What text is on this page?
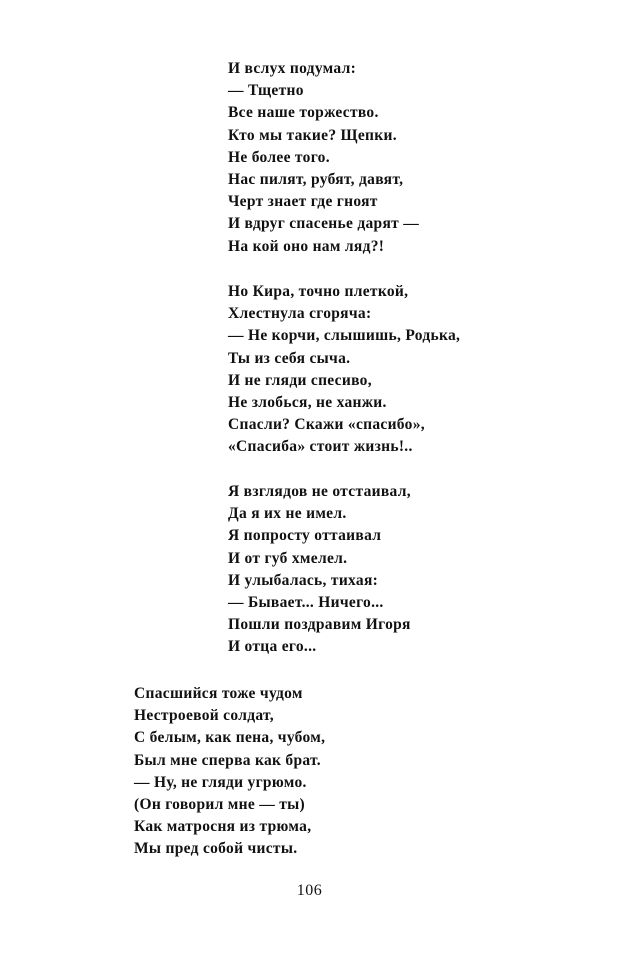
И вслух подумал:
— Тщетно
Все наше торжество.
Кто мы такие? Щепки.
Не более того.
Нас пилят, рубят, давят,
Черт знает где гноят
И вдруг спасенье дарят —
На кой оно нам ляд?!
Но Кира, точно плеткой,
Хлестнула сгоряча:
— Не корчи, слышишь, Родька,
Ты из себя сыча.
И не гляди спесиво,
Не злобься, не ханжи.
Спасли? Скажи «спасибо»,
«Спасиба» стоит жизнь!..
Я взглядов не отстаивал,
Да я их не имел.
Я попросту оттаивал
И от губ хмелел.
И улыбалась, тихая:
— Бывает... Ничего...
Пошли поздравим Игоря
И отца его...
Спасшийся тоже чудом
Нестроевой солдат,
С белым, как пена, чубом,
Был мне сперва как брат.
— Ну, не гляди угрюмо.
(Он говорил мне — ты)
Как матросня из трюма,
Мы пред собой чисты.
106
